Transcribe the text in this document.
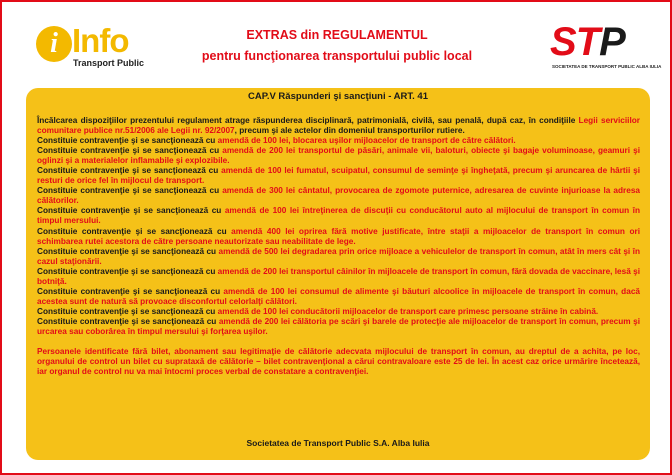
i Info
Transport Public
EXTRAS din REGULAMENTUL
pentru funcţionarea transportului public local	STP
SOCIETATEA DE TRANSPORT PUBLIC ALBA IULIA
CAP.V Răspunderi şi sancţiuni - ART. 41

Încălcarea dispoziţiilor prezentului regulament atrage răspunderea disciplinară, patrimonială, civilă, sau penală, după caz, în condiţiile Legii serviciilor comunitare publice nr.51/2006 ale Legii nr. 92/2007, precum şi ale actelor din domeniul transporturilor rutiere.

Constituie contravenţie şi se sancţionează cu amendă de 100 lei, blocarea uşilor mijloacelor de transport de către călători.

Constituie contravenţie şi se sancţionează cu amendă de 200 lei transportul de păsări, animale vii, baloturi, obiecte şi bagaje voluminoase, geamuri şi oglinzi şi a materialelor inflamabile şi explozibile.

Constituie contravenţie şi se sancţionează cu amendă de 100 lei fumatul, scuipatul, consumul de seminţe şi îngheţată, precum şi aruncarea de hârtii şi resturi de orice fel în mijlocul de transport.

Constituie contravenţie şi se sancţionează cu amendă de 300 lei cântatul, provocarea de zgomote puternice, adresarea de cuvinte injurioase la adresa călătorilor.

Constituie contravenţie şi se sancţionează cu amendă de 100 lei întreţinerea de discuţii cu conducătorul auto al mijlocului de transport în comun în timpul mersului.

Constituie contravenţie şi se sancţionează cu amendă 400 lei oprirea fără motive justificate, între staţii a mijloacelor de transport în comun ori schimbarea rutei acestora de către persoane neautorizate sau neabilitate de lege.

Constituie contravenţie şi se sancţionează cu amendă de 500 lei degradarea prin orice mijloace a vehiculelor de transport în comun, atât în mers cât şi în cazul staţionării.

Constituie contravenţie şi se sancţionează cu amendă de 200 lei transportul câinilor în mijloacele de transport în comun, fără dovada de vaccinare, lesă şi botniţă.

Constituie contravenţie şi se sancţionează cu amendă de 100 lei consumul de alimente şi băuturi alcoolice în mijloacele de transport în comun, dacă acestea sunt de natură să provoace disconfortul celorlalţi călători.

Constituie contravenţie şi se sancţionează cu amendă de 100 lei conducătorii mijloacelor de transport care primesc persoane străine în cabină.

Constituie contravenţie şi se sancţionează cu amendă de 200 lei călătoria pe scări şi barele de protecţie ale mijloacelor de transport în comun, precum şi urcarea sau coborârea în timpul mersului şi forţarea uşilor.

Persoanele identificate fără bilet, abonament sau legitimaţie de călătorie adecvata mijlocului de transport în comun, au dreptul de a achita, pe loc, organului de control un bilet cu suprataxă de călătorie – bilet contravenţional a cărui contravaloare este 25 de lei. În acest caz orice urmărire încetează, iar organul de control nu va mai întocmi proces verbal de constatare a contravenţiei.

Societatea de Transport Public S.A. Alba Iulia
